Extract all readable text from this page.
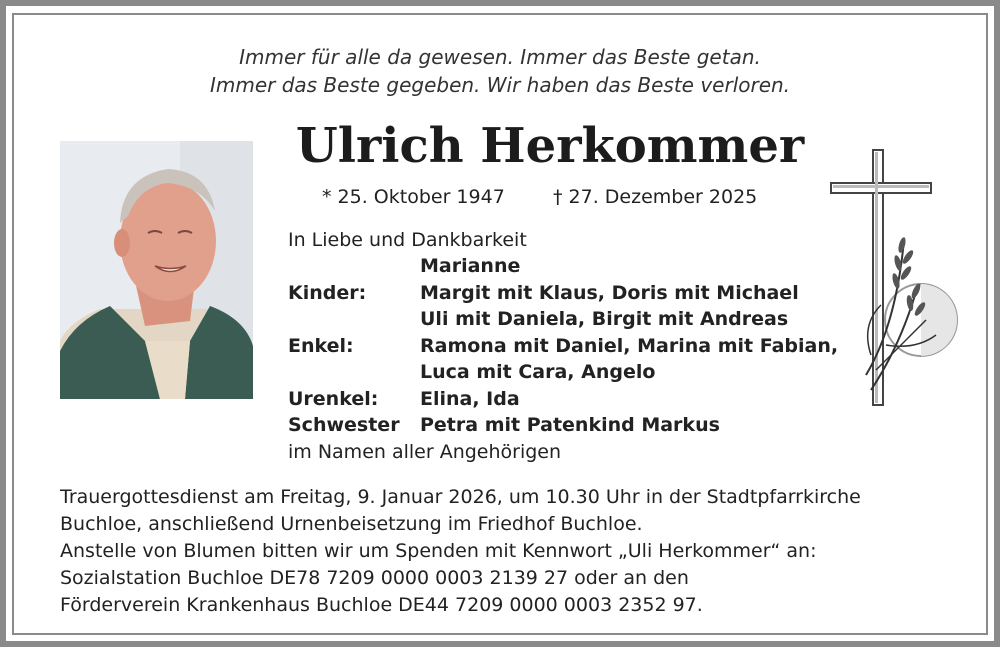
Immer für alle da gewesen. Immer das Beste getan.
Immer das Beste gegeben. Wir haben das Beste verloren.
Ulrich Herkommer
* 25. Oktober 1947	† 27. Dezember 2025
In Liebe und Dankbarkeit
Marianne
Kinder:	Margit mit Klaus, Doris mit Michael
Uli mit Daniela, Birgit mit Andreas
Enkel:	Ramona mit Daniel, Marina mit Fabian,
Luca mit Cara, Angelo
Urenkel: Elina, Ida
Schwester Petra mit Patenkind Markus
im Namen aller Angehörigen
Trauergottesdienst am Freitag, 9. Januar 2026, um 10.30 Uhr in der Stadtpfarrkirche
Buchloe, anschließend Urnenbeisetzung im Friedhof Buchloe.
Anstelle von Blumen bitten wir um Spenden mit Kennwort „Uli Herkommer“ an:
Sozialstation Buchloe DE78 7209 0000 0003 2139 27 oder an den
Förderverein Krankenhaus Buchloe DE44 7209 0000 0003 2352 97.
